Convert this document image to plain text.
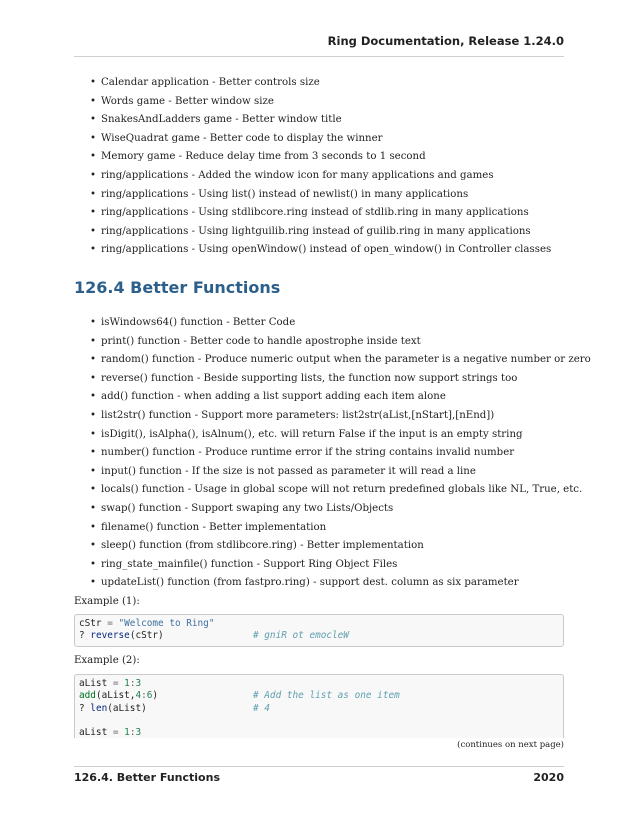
Ring Documentation, Release 1.24.0
• Calendar application - Better controls size
• Words game - Better window size
• SnakesAndLadders game - Better window title
• WiseQuadrat game - Better code to display the winner
• Memory game - Reduce delay time from 3 seconds to 1 second
• ring/applications - Added the window icon for many applications and games
• ring/applications - Using list() instead of newlist() in many applications
• ring/applications - Using stdlibcore.ring instead of stdlib.ring in many applications
• ring/applications - Using lightguilib.ring instead of guilib.ring in many applications
• ring/applications - Using openWindow() instead of open_window() in Controller classes
126.4 Better Functions
• isWindows64() function - Better Code
• print() function - Better code to handle apostrophe inside text
• random() function - Produce numeric output when the parameter is a negative number or zero
• reverse() function - Beside supporting lists, the function now support strings too
• add() function - when adding a list support adding each item alone
• list2str() function - Support more parameters: list2str(aList,[nStart],[nEnd])
• isDigit(), isAlpha(), isAlnum(), etc. will return False if the input is an empty string
• number() function - Produce runtime error if the string contains invalid number
• input() function - If the size is not passed as parameter it will read a line
• locals() function - Usage in global scope will not return predefined globals like NL, True, etc.
• swap() function - Support swaping any two Lists/Objects
• filename() function - Better implementation
• sleep() function (from stdlibcore.ring) - Better implementation
• ring_state_mainfile() function - Support Ring Object Files
• updateList() function (from fastpro.ring) - support dest. column as six parameter
Example (1):
cStr = "Welcome to Ring"
? reverse(cStr)	# gniR ot emocleW
Example (2):
aList = 1:3
add(aList,4:6)	# Add the list as one item
? len(aList)	# 4
aList = 1:3
(continues on next page)
126.4. Better Functions	2020
